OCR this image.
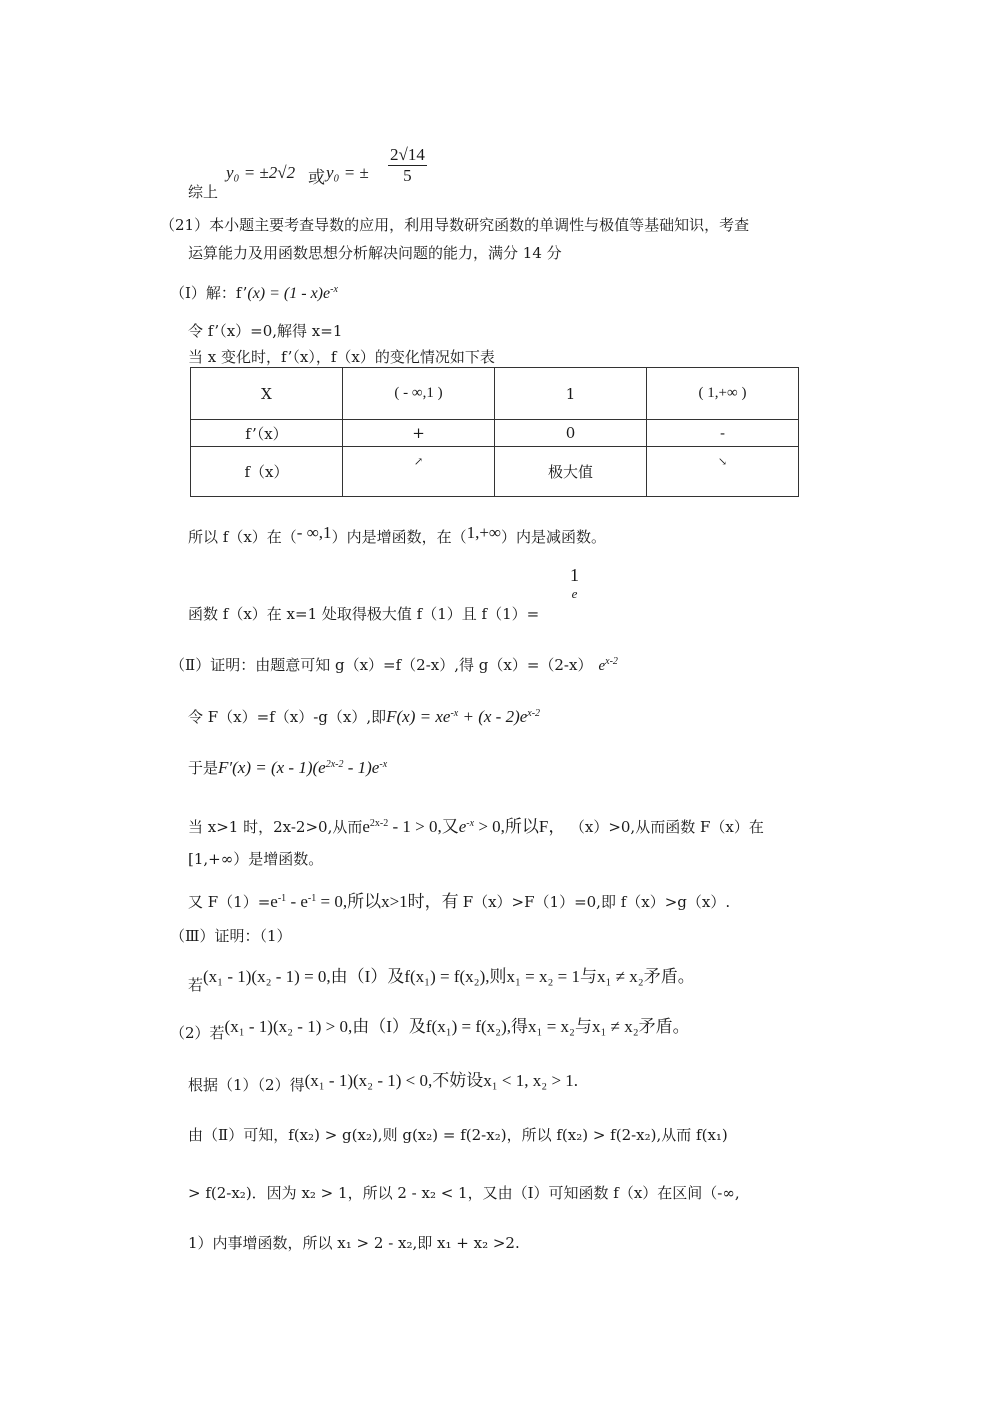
综上
y₀ = ±2√2 或 y₀ = ± $\frac{2√14}{5}$
（21）本小题主要考查导数的应用，利用导数研究函数的单调性与极值等基础知识，考查
运算能力及用函数思想分析解决问题的能力，满分 14 分
（Ⅰ）解：f’(x) = $(1 - x)e^{-x}$
令 f’（x）=0,解得 x=1
当 x 变化时，f’（x），f（x）的变化情况如下表
X	( - ∞,1 )	1	( 1,+∞ )
f’（x）	+	0	-
f（x）	↗	极大值	↘
所以 f（x）在（- ∞,1）内是增函数，在（1,+∞）内是减函数。
函数 f（x）在 x=1 处取得极大值 f（1）且 f（1）=
1
e
（Ⅱ）证明：由题意可知 g（x）=f（2-x）,得 g（x）=（2-x） $e^{x-2}$
令 F（x）=f（x）-g（x）,即$F(x) = xe^{-x} + (x - 2)e^{x-2}$
于是$F'(x) = (x - 1)(e^{2x-2} - 1)e^{-x}$
当 x>1 时，2x-2>0,从而$e^{2x-2} - 1 > 0$,又$e^{-x} > 0$,所以F， （x）>0,从而函数 F（x）在
[1,+∞）是增函数。
又 $F(1)=e^{-1} - e^{-1} = 0$,所以x>1时，有 F（x）>F（1）=0,即 f（x）>g（x）.
（Ⅲ）证明：（1）
若(x₁ - 1)(x₂ - 1) = 0,由（I）及f(x₁) = f(x₂),则x₁ = x₂ = 1与x₁ ≠ x₂矛盾。
（2）若(x₁ - 1)(x₂ - 1) > 0,由（I）及f(x₁) = f(x₂),得x₁ = x₂与x₁ ≠ x₂矛盾。
根据（1）（2）得(x₁ - 1)(x₂ - 1) < 0,不妨设x₁ < 1, x₂ > 1.
由（Ⅱ）可知，f(x₂) > g(x₂),则 g(x₂) = f(2-x₂)，所以 f(x₂) > f(2-x₂),从而 f(x₁)
> f(2-x₂)．因为 x₂ > 1，所以 2 - x₂ < 1，又由（Ⅰ）可知函数 f（x）在区间（-∞,
1）内事增函数，所以 x₁ > 2 - x₂,即 x₁ + x₂ >2.
